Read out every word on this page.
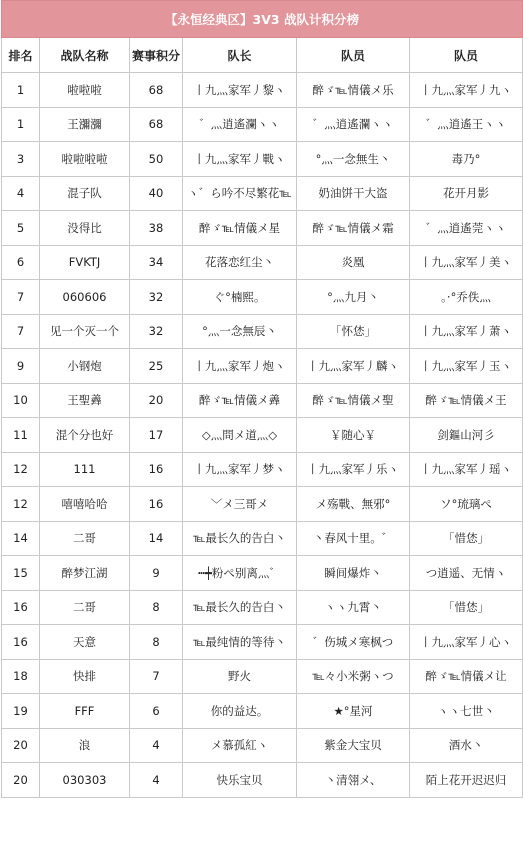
【永恒经典区】3V3 战队计积分榜					
排名	战队名称	赛事积分	队长	队员	队员
1	啦啦啦	68	丨九灬家军丿黎ヽ	醉ゞ℡情儀メ乐	丨九灬家军丿九ヽ
1	王瀰瀰	68	゛灬逍遙瀾ヽヽ	゛灬逍遙瀾ヽヽ	゛灬逍遙王ヽヽ
3	啦啦啦啦	50	丨九灬家军丿戰ヽ	°灬一念無生丶	毒乃°
4	混子队	40	ヽ゛ら吟不尽繁花℡	奶油饼干大盗	花开月影
5	没得比	38	醉ゞ℡情儀メ星	醉ゞ℡情儀メ霜	゛灬逍遙莞ヽヽ
6	FVKTJ	34	花落恋红尘丶	炎凰	丨九灬家军丿美ヽ
7	060606	32	ぐ°楠熙。	°灬九月丶	。·°乔佚灬
7	见一个灭一个	32	°灬一念無辰丶	「怀恷」	丨九灬家军丿萧ヽ
9	小钢炮	25	丨九灬家军丿炮ヽ	丨九灬家军丿麟ヽ	丨九灬家军丿玉ヽ
10	王聖羴	20	醉ゞ℡情儀メ羴	醉ゞ℡情儀メ聖	醉ゞ℡情儀メ王
11	混个分也好	17	◇灬問メ道灬◇	￥随心￥	剑鏂山河彡
12	111	16	丨九灬家军丿梦ヽ	丨九灬家军丿乐ヽ	丨九灬家军丿瑶ヽ
12	嘻嘻哈哈	16	﹀メ三哥メ	メ殇戰、無邪°	ソ°琉璃ぺ
14	二哥	14	℡最长久的告白丶	丶春风十里。゛	「惜恷」
15	醉梦江湖	9	┅┿粉ぺ别离灬゛	瞬间爆炸丶	つ逍遥、无情ヽ
16	二哥	8	℡最长久的告白丶	ヽヽ九霄丶	「惜恷」
16	天意	8	℡最纯情的等待丶	゛伤城メ寒枫つ	丨九灬家军丿心ヽ
18	快排	7	野火	℡々小米粥ヽつ	醉ゞ℡情儀メ让
19	FFF	6	你的益达。	★°星河	ヽヽ七世丶
20	浪	4	メ慕孤紅ヽ	紫金大宝贝	酒水丶
20	030303	4	快乐宝贝	丶清翎メ、	陌上花开迟迟归
